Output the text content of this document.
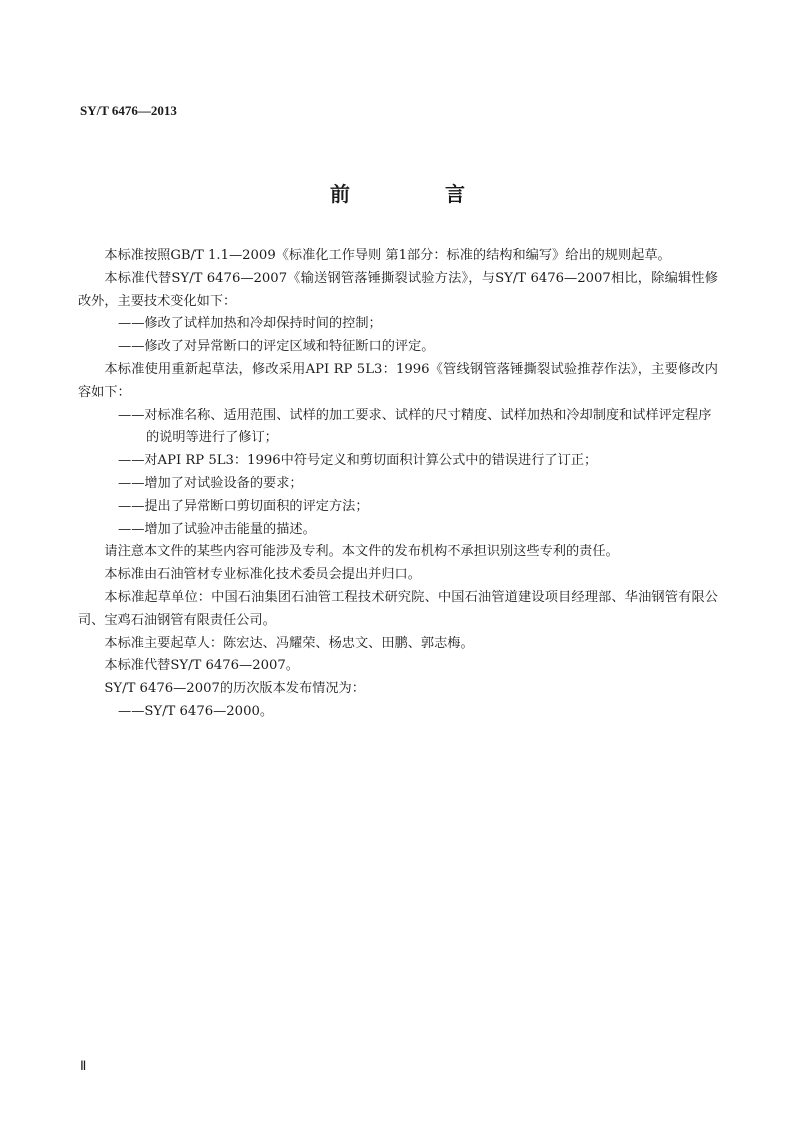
SY/T 6476—2013
前 言

本标准按照GB/T 1.1—2009《标准化工作导则 第1部分：标准的结构和编写》给出的规则起草。

本标准代替SY/T 6476—2007《输送钢管落锤撕裂试验方法》，与SY/T 6476—2007相比，除编辑性修改外，主要技术变化如下：

——修改了试样加热和冷却保持时间的控制；

——修改了对异常断口的评定区域和特征断口的评定。

本标准使用重新起草法，修改采用API RP 5L3：1996《管线钢管落锤撕裂试验推荐作法》，主要修改内容如下：

——对标准名称、适用范围、试样的加工要求、试样的尺寸精度、试样加热和冷却制度和试样评定程序的说明等进行了修订；

——对API RP 5L3：1996中符号定义和剪切面积计算公式中的错误进行了订正；

——增加了对试验设备的要求；

——提出了异常断口剪切面积的评定方法；

——增加了试验冲击能量的描述。

请注意本文件的某些内容可能涉及专利。本文件的发布机构不承担识别这些专利的责任。

本标准由石油管材专业标准化技术委员会提出并归口。

本标准起草单位：中国石油集团石油管工程技术研究院、中国石油管道建设项目经理部、华油钢管有限公司、宝鸡石油钢管有限责任公司。

本标准主要起草人：陈宏达、冯耀荣、杨忠文、田鹏、郭志梅。

本标准代替SY/T 6476—2007。

SY/T 6476—2007的历次版本发布情况为：

——SY/T 6476—2000。

Ⅱ
